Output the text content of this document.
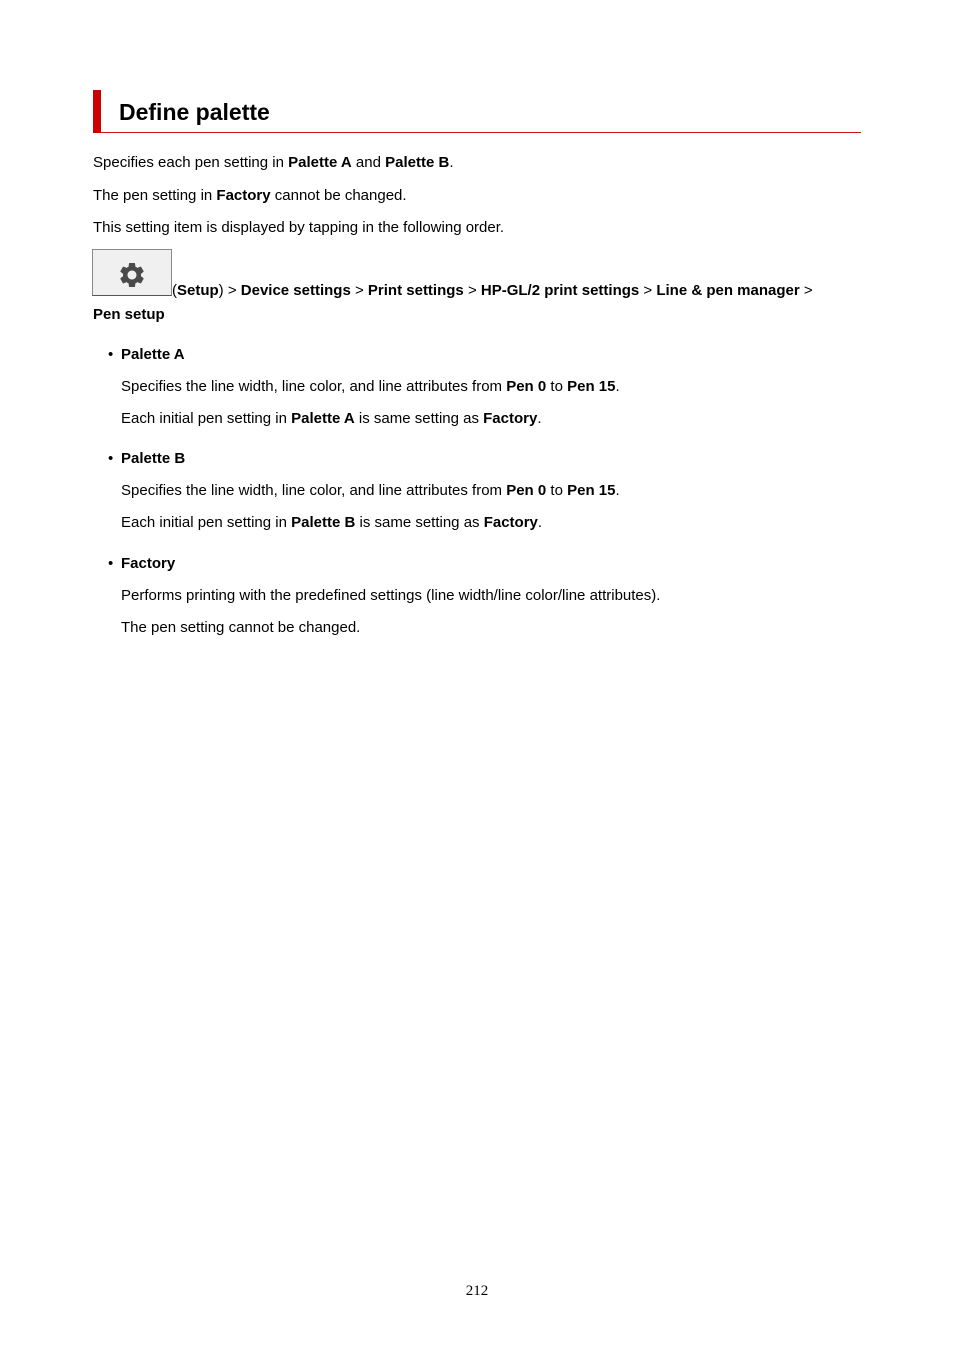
Define palette
Specifies each pen setting in Palette A and Palette B.
The pen setting in Factory cannot be changed.
This setting item is displayed by tapping in the following order.
(Setup) > Device settings > Print settings > HP-GL/2 print settings > Line & pen manager >
Pen setup
• Palette A
Specifies the line width, line color, and line attributes from Pen 0 to Pen 15.
Each initial pen setting in Palette A is same setting as Factory.
• Palette B
Specifies the line width, line color, and line attributes from Pen 0 to Pen 15.
Each initial pen setting in Palette B is same setting as Factory.
• Factory
Performs printing with the predefined settings (line width/line color/line attributes).
The pen setting cannot be changed.
212
